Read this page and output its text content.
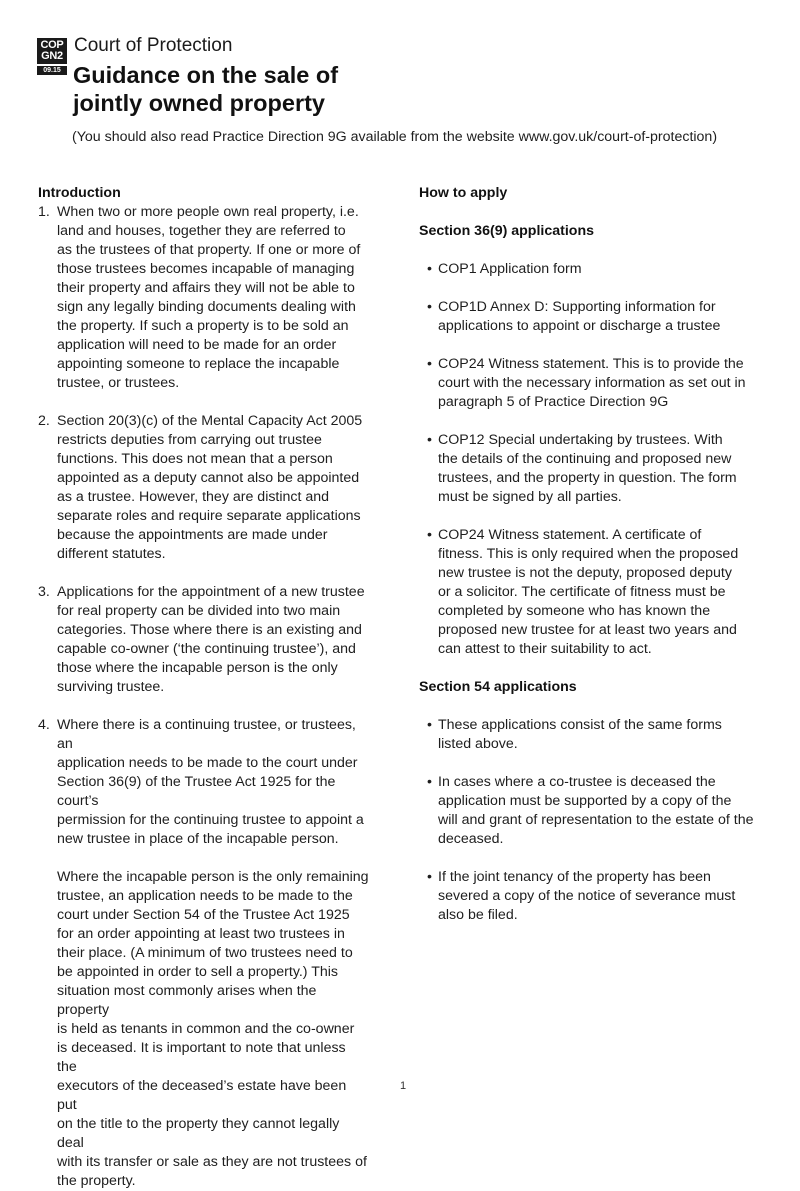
COP
GN2
09.15
Court of Protection
Guidance on the sale of
jointly owned property
(You should also read Practice Direction 9G available from the website www.gov.uk/court-of-protection)
Introduction
1. When two or more people own real property, i.e.
land and houses, together they are referred to
as the trustees of that property. If one or more of
those trustees becomes incapable of managing
their property and affairs they will not be able to
sign any legally binding documents dealing with
the property. If such a property is to be sold an
application will need to be made for an order
appointing someone to replace the incapable
trustee, or trustees.
2. Section 20(3)(c) of the Mental Capacity Act 2005
restricts deputies from carrying out trustee
functions. This does not mean that a person
appointed as a deputy cannot also be appointed
as a trustee. However, they are distinct and
separate roles and require separate applications
because the appointments are made under
different statutes.
3. Applications for the appointment of a new trustee
for real property can be divided into two main
categories. Those where there is an existing and
capable co-owner (‘the continuing trustee’), and
those where the incapable person is the only
surviving trustee.
4. Where there is a continuing trustee, or trustees, an
application needs to be made to the court under
Section 36(9) of the Trustee Act 1925 for the court’s
permission for the continuing trustee to appoint a
new trustee in place of the incapable person.
Where the incapable person is the only remaining
trustee, an application needs to be made to the
court under Section 54 of the Trustee Act 1925
for an order appointing at least two trustees in
their place. (A minimum of two trustees need to
be appointed in order to sell a property.) This
situation most commonly arises when the property
is held as tenants in common and the co-owner
is deceased. It is important to note that unless the
executors of the deceased’s estate have been put
on the title to the property they cannot legally deal
with its transfer or sale as they are not trustees of
the property.
How to apply
Section 36(9) applications
• COP1 Application form
• COP1D Annex D: Supporting information for
applications to appoint or discharge a trustee
• COP24 Witness statement. This is to provide the
court with the necessary information as set out in
paragraph 5 of Practice Direction 9G
• COP12 Special undertaking by trustees. With
the details of the continuing and proposed new
trustees, and the property in question. The form
must be signed by all parties.
• COP24 Witness statement. A certificate of
fitness. This is only required when the proposed
new trustee is not the deputy, proposed deputy
or a solicitor. The certificate of fitness must be
completed by someone who has known the
proposed new trustee for at least two years and
can attest to their suitability to act.
Section 54 applications
• These applications consist of the same forms
listed above.
• In cases where a co-trustee is deceased the
application must be supported by a copy of the
will and grant of representation to the estate of the
deceased.
• If the joint tenancy of the property has been
severed a copy of the notice of severance must
also be filed.
1
